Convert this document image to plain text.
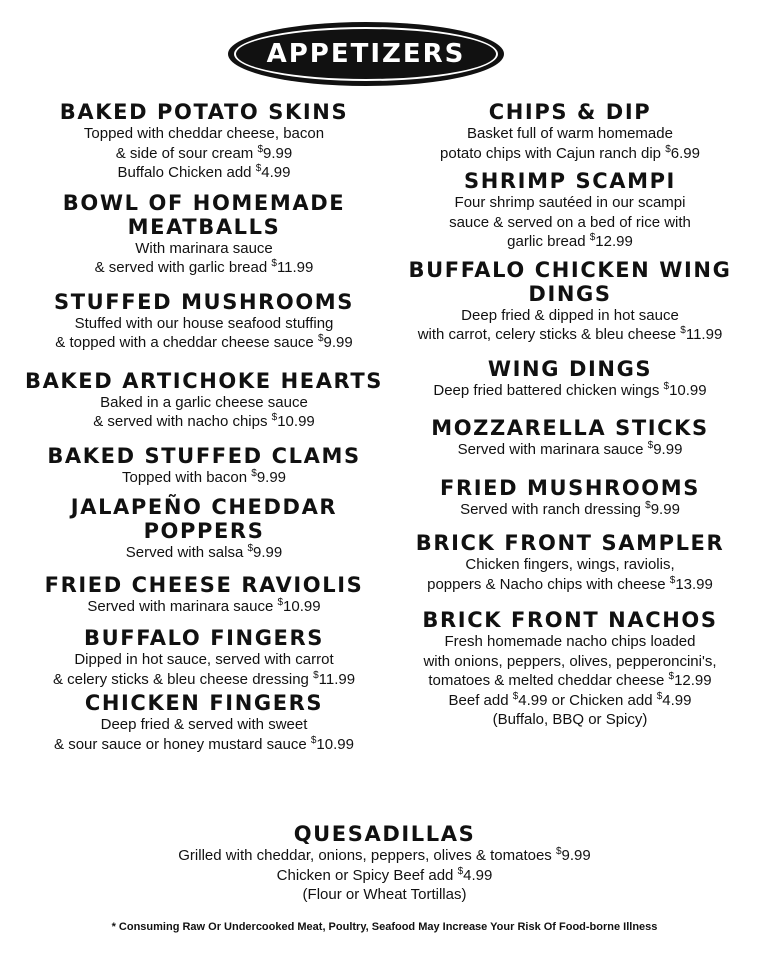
APPETIZERS
BAKED POTATO SKINS
Topped with cheddar cheese, bacon
& side of sour cream $9.99
Buffalo Chicken add $4.99
BOWL OF HOMEMADE MEATBALLS
With marinara sauce
& served with garlic bread $11.99
STUFFED MUSHROOMS
Stuffed with our house seafood stuffing
& topped with a cheddar cheese sauce $9.99
BAKED ARTICHOKE HEARTS
Baked in a garlic cheese sauce
& served with nacho chips $10.99
BAKED STUFFED CLAMS
Topped with bacon $9.99
JALAPEÑO CHEDDAR POPPERS
Served with salsa $9.99
FRIED CHEESE RAVIOLIS
Served with marinara sauce $10.99
BUFFALO FINGERS
Dipped in hot sauce, served with carrot
& celery sticks & bleu cheese dressing $11.99
CHICKEN FINGERS
Deep fried & served with sweet
& sour sauce or honey mustard sauce $10.99
CHIPS & DIP
Basket full of warm homemade
potato chips with Cajun ranch dip $6.99
SHRIMP SCAMPI
Four shrimp sautéed in our scampi
sauce & served on a bed of rice with
garlic bread $12.99
BUFFALO CHICKEN WING DINGS
Deep fried & dipped in hot sauce
with carrot, celery sticks & bleu cheese $11.99
WING DINGS
Deep fried battered chicken wings $10.99
MOZZARELLA STICKS
Served with marinara sauce $9.99
FRIED MUSHROOMS
Served with ranch dressing $9.99
BRICK FRONT SAMPLER
Chicken fingers, wings, raviolis,
poppers & Nacho chips with cheese $13.99
BRICK FRONT NACHOS
Fresh homemade nacho chips loaded
with onions, peppers, olives, pepperoncini's,
tomatoes & melted cheddar cheese $12.99
Beef add $4.99 or Chicken add $4.99
(Buffalo, BBQ or Spicy)
QUESADILLAS
Grilled with cheddar, onions, peppers, olives & tomatoes $9.99
Chicken or Spicy Beef add $4.99
(Flour or Wheat Tortillas)
* Consuming Raw Or Undercooked Meat, Poultry, Seafood May Increase Your Risk Of Food-borne Illness
